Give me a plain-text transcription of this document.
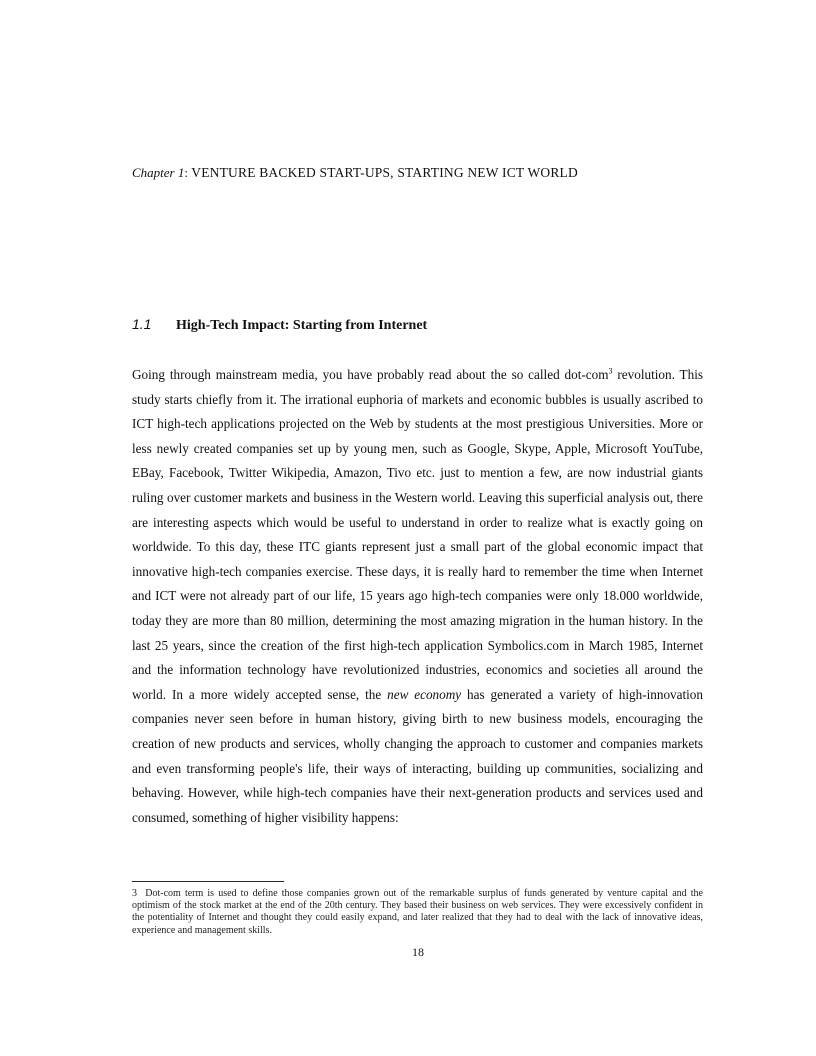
Chapter 1: VENTURE BACKED START-UPS, STARTING NEW ICT WORLD
1.1 High-Tech Impact: Starting from Internet

Going through mainstream media, you have probably read about the so called dot-com$^3$ revolution. This study starts chiefly from it. The irrational euphoria of markets and economic bubbles is usually ascribed to ICT high-tech applications projected on the Web by students at the most prestigious Universities. More or less newly created companies set up by young men, such as Google, Skype, Apple, Microsoft YouTube, EBay, Facebook, Twitter Wikipedia, Amazon, Tivo etc. just to mention a few, are now industrial giants ruling over customer markets and business in the Western world. Leaving this superficial analysis out, there are interesting aspects which would be useful to understand in order to realize what is exactly going on worldwide. To this day, these ITC giants represent just a small part of the global economic impact that innovative high-tech companies exercise. These days, it is really hard to remember the time when Internet and ICT were not already part of our life, 15 years ago high-tech companies were only 18.000 worldwide, today they are more than 80 million, determining the most amazing migration in the human history. In the last 25 years, since the creation of the first high-tech application Symbolics.com in March 1985, Internet and the information technology have revolutionized industries, economics and societies all around the world. In a more widely accepted sense, the new economy has generated a variety of high-innovation companies never seen before in human history, giving birth to new business models, encouraging the creation of new products and services, wholly changing the approach to customer and companies markets and even transforming people's life, their ways of interacting, building up communities, socializing and behaving. However, while high-tech companies have their next-generation products and services used and consumed, something of higher visibility happens:

3 Dot-com term is used to define those companies grown out of the remarkable surplus of funds generated by venture capital and the optimism of the stock market at the end of the 20th century. They based their business on web services. They were excessively confident in the potentiality of Internet and thought they could easily expand, and later realized that they had to deal with the lack of innovative ideas, experience and management skills.

18
